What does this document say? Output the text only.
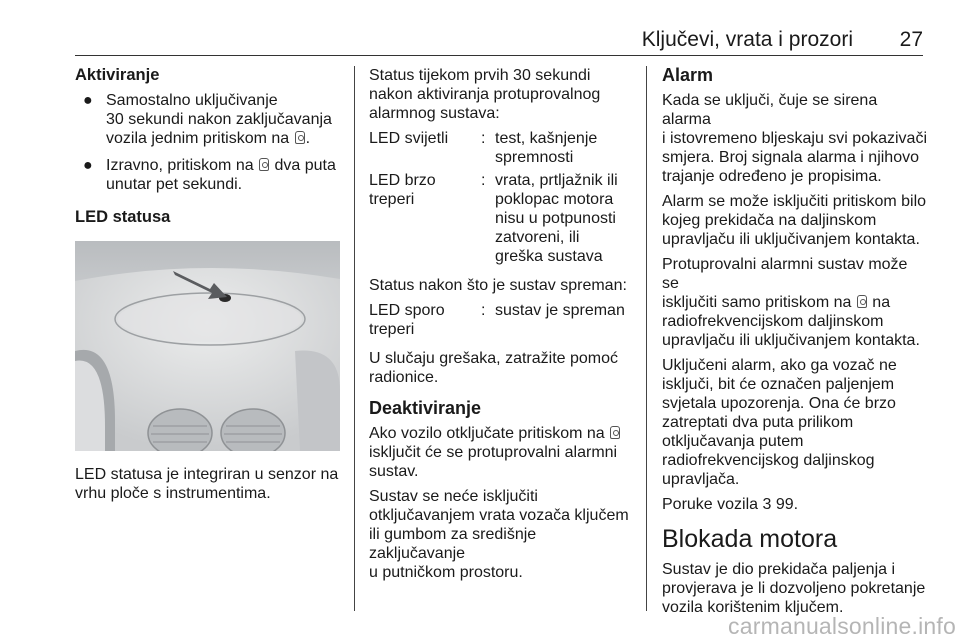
Ključevi, vrata i prozori 27
Aktiviranje
● Samostalno uključivanje
30 sekundi nakon zaključavanja
vozila jednim pritiskom na .
● Izravno, pritiskom na dva puta
unutar pet sekundi.
LED statusa

LED statusa je integriran u senzor na
vrhu ploče s instrumentima.

Status tijekom prvih 30 sekundi
nakon aktiviranja protuprovalnog
alarmnog sustava:

LED svijetli	: test, kašnjenje
spremnosti
LED brzo
treperi
: vrata, prtljažnik ili
poklopac motora
nisu u potpunosti
zatvoreni, ili
greška sustava

Status nakon što je sustav spreman:

LED sporo
treperi
: sustav je spreman

U slučaju grešaka, zatražite pomoć
radionice.

Deaktiviranje

Ako vozilo otključate pritiskom na
isključit će se protuprovalni alarmni
sustav.

Sustav se neće isključiti
otključavanjem vrata vozača ključem
ili gumbom za središnje zaključavanje
u putničkom prostoru.

Alarm

Kada se uključi, čuje se sirena alarma
i istovremeno bljeskaju svi pokazivači
smjera. Broj signala alarma i njihovo
trajanje određeno je propisima.

Alarm se može isključiti pritiskom bilo
kojeg prekidača na daljinskom
upravljaču ili uključivanjem kontakta.

Protuprovalni alarmni sustav može se
isključiti samo pritiskom na na
radiofrekvencijskom daljinskom
upravljaču ili uključivanjem kontakta.

Uključeni alarm, ako ga vozač ne
isključi, bit će označen paljenjem
svjetala upozorenja. Ona će brzo
zatreptati dva puta prilikom
otključavanja putem
radiofrekvencijskog daljinskog
upravljača.

Poruke vozila 3 99.

Blokada motora

Sustav je dio prekidača paljenja i
provjerava je li dozvoljeno pokretanje
vozila korištenim ključem.

carmanualsonline.info
